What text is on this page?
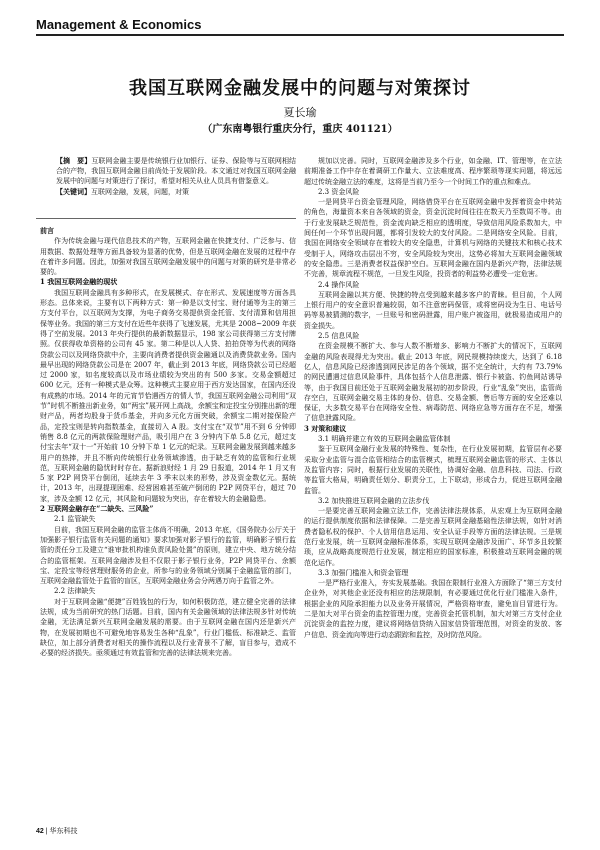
Management & Economics
我国互联网金融发展中的问题与对策探讨
夏长瑜
（广东南粤银行重庆分行，重庆 401121）
【摘　要】互联网金融主要是传统银行业加银行、证券、保险等与互联网相结合的产物，我国互联网金融目前尚处于发展阶段。本文通过对我国互联网金融发展中的问题与对策进行了探讨，希望对相关从业人员具有借鉴意义。
【关键词】互联网金融，发展，问题，对策

前言

作为传统金融与现代信息技术的产物，互联网金融在快捷支付、广泛参与、信用数据、数据处理等方面具备较为显著的优势，但是互联网金融在发展的过程中存在着许多问题。因此，加强对我国互联网金融发展中的问题与对策的研究是非常必要的。

1 我国互联网金融的现状

我国互联网金融具有多种形式，在发展模式、存在形式、发展速度等方面各具形态。总体来说，主要有以下两种方式：第一种是以支付宝、财付通等为主的第三方支付平台，以互联网为支撑，为电子商务交易提供资金托管、支付清算和信用担保等业务。我国的第三方支付在近些年获得了飞速发展，尤其是 2008~2009 年获得了空前发展。2013 年央行提供的最新数据显示，198 家公司获得第三方支付牌照。仅获得收单资格的公司有 45 家。第二种是以人人贷、拍拍贷等为代表的网络贷款公司以及网络贷款中介，主要向消费者提供资金融通以及消费贷款业务。国内最早出现的网络贷款公司是在 2007 年，截止到 2013 年底，网络贷款公司已经超过 2000 家，如名度较高以及市场业绩较为突出的有 500 多家。交易金额超过 600 亿元，还有一种模式是众筹。这种模式主要应用于西方发达国家，在国内还没有成熟的市场。2014 年的元宵节恰遇西方的情人节，我国互联网金融公司利用“双节”时机不断推出新业务，如“两宝”展开网上高战，余额宝和定投宝分别推出新的理财产品，两者均股身于货币基金，并向多元化方面突破，余额宝二期对接保险产品，定投宝则是转向指数基金，直接切入 A 股。支付宝在“双节”用不到 6 分钟即销售 8.8 亿元的两款保险理财产品，吸引用户在 3 分钟内下单 5.8 亿元，超过支付宝去年“双十一”开始前 10 分钟下单 1 亿元的纪录。互联网金融发展到越来越多用户的热捧，并且不断向传统银行业务领域渗透，由于缺乏有效的监管和行业规范，互联网金融的隐忧时时存在。据新浪财经 1 月 29 日报道，2014 年 1 月又有 5 家 P2P 网贷平台倒闭，延续去年 3 季末以来的形势，涉及资金数亿元。据统计，2013 年，出现提现困难、经营困难甚至破产倒闭的 P2P 网贷平台，超过 70 家，涉及金额 12 亿元，其风险和问题较为突出，存在着较大的金融隐患。

2 互联网金融存在“二缺失、三风险”

2.1 监管缺失

目前，我国互联网金融的监管主体尚不明确，2013 年底，《国务院办公厅关于加强影子银行监管有关问题的通知》要求加强对影子银行的监管，明确影子银行监管的责任分工及建立“谁审批机构谁负责风险处置”的原则，建立中央、地方统分结合的监管框架。互联网金融涉及但不仅限于影子银行业务，P2P 网贷平台、余额宝、定投宝等经营理财服务的企业，所参与的业务领域分别属于金融监管的部门，互联网金融监管处于监管的盲区，互联网金融业务会分两遇万向于监管之外。

2.2 法律缺失

对于互联网金融“便捷”百姓钱包的行为，如何积极防范，建立健全完善的法律法规，成为当前研究的热门话题。目前，国内有关金融领域的法律法规多针对传统金融，无法满足新兴互联网金融发展的需要。由于互联网金融在国内还是新兴产物，在发展初期也不可避免地容易发生各种“乱象”，行业门槛低、标准缺乏、监管缺位，加上部分消费者对相关的操作流程以及行业背景不了解，盲目参与，造成不必要的经济损失。亟须通过有效监管和完善的法律法规来完善。

规加以完善。同时，互联网金融涉及多个行业，如金融、IT、管理等，在立法前期准备工作中存在着调研工作量大、立法难度高、程序繁琐等现实问题，将远远超过传统金融立法的难度，这将是当前乃至今一个时间工作的重点和难点。

2.3 资金风险

一是网贷平台资金管理风险，网络借贷平台在互联网金融中发挥着资金中转站的角色，海量资本来自各领域的资金，资金沉淀时间往往在数天乃至数周不等。由于行业发展缺乏规范性，资金流向缺乏相应的透明度，导致信用风险系数加大，中间任何一个环节出现问题，都将引发较大的支付风险。二是网络安全风险。目前，我国在网络安全领域存在着较大的安全隐患，计算机与网络的关键技术和核心技术受制于人，网络攻击层出不穷，安全风险较为突出，这势必将加大互联网金融领域的安全隐患。三是消费者权益保护空白。互联网金融在国内是新兴产物，法律法规不完善，规章流程不规范，一旦发生风险，投资者的利益势必遭受一定危害。

2.4 操作风险

互联网金融以其方便、快捷的特点受到越来越多客户的青睐。但目前，个人网上银行用户的安全意识普遍较弱，如不注意密码保管，或将密码设为生日、电话号码等易被猜测的数字，一旦账号和密码泄露，用户账户被盗用，就极易造成用户的资金损失。

2.5 信息风险

在资金规模不断扩大、参与人数不断增多、影响力不断扩大的情况下，互联网金融的风险表现得尤为突出。截止 2013 年底，网民规模持续庞大，达到了 6.18 亿人，信息风险已经渗透到网民涉足的各个领域，据不完全统计，大约有 73.79% 的网民遭遇过信息风险事件，具体包括个人信息泄露、银行卡被盗、钓鱼网站诱导等，由于我国目前还处于互联网金融发展初的初步阶段，行业“乱象”突出，监管尚存空白，互联网金融交易主体的身份、信息、交易金额、售后等方面的安全还难以保证，大多数交易平台在网络安全性、病毒防范、网络应急等方面存在不足，增强了信息泄露风险。

3 对策和建议

3.1 明确并建立有效的互联网金融监管体制

鉴于互联网金融行业发展的特殊性、复杂性，在行业发展初期，监管层有必要采取分业监管与混合监管相结合的监管模式，梳理互联网金融监管的形式、主体以及监管内容；同时，根据行业发展的关联性，协调好金融、信息科技、司法、行政等监管大格局，明确责任划分、职责分工，上下联动，形成合力，促进互联网金融监管。

3.2 加快推进互联网金融的立法步伐

一是要完善互联网金融立法工作，完善法律法规体系，从宏观上为互联网金融的运行提供制度依据和法律保障。二是完善互联网金融基础性法律法规，如针对消费者隐私权的保护、个人信用信息运用、安全认证手段等方面的法律法规。三是规范行业发展，统一互联网金融标准体系，实现互联网金融涉及面广、环节多且较繁琐，应从战略高度规范行业发展，制定相应的国家标准，积极推动互联网金融的规范化运作。

3.3 加强门槛准入和资金管理

一是严格行业准入，夯实发展基础。我国在限制行业准入方面除了“第三方支付企业外，对其他企业还没有相应的法规限制，有必要通过优化行业门槛准入条件，根据企业的风险承担能力以及业务开展情况，严格资格审查，避免盲目冒进行为。二是加大对平台资金的监控管理力度，完善资金托管机制，加大对第三方支付企业沉淀资金的监控力度，建议将网络信贷纳入国家信贷管理范围，对资金的发放、客户信息、资金流向等进行动态跟踪和监控，及时防范风险。

42 | 华东科技
